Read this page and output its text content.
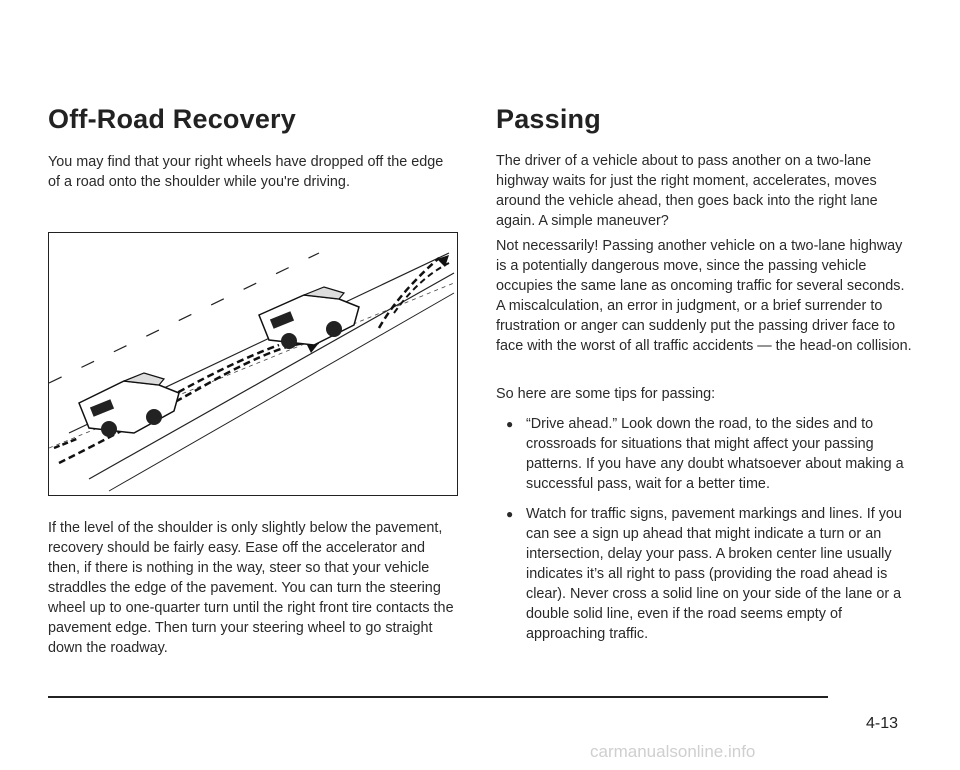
Off-Road Recovery

You may find that your right wheels have dropped off the edge of a road onto the shoulder while you're driving.

If the level of the shoulder is only slightly below the pavement, recovery should be fairly easy. Ease off the accelerator and then, if there is nothing in the way, steer so that your vehicle straddles the edge of the pavement. You can turn the steering wheel up to one-quarter turn until the right front tire contacts the pavement edge. Then turn your steering wheel to go straight down the roadway.

Passing

The driver of a vehicle about to pass another on a two-lane highway waits for just the right moment, accelerates, moves around the vehicle ahead, then goes back into the right lane again. A simple maneuver?

Not necessarily! Passing another vehicle on a two-lane highway is a potentially dangerous move, since the passing vehicle occupies the same lane as oncoming traffic for several seconds. A miscalculation, an error in judgment, or a brief surrender to frustration or anger can suddenly put the passing driver face to face with the worst of all traffic accidents — the head-on collision.

So here are some tips for passing:

● “Drive ahead.” Look down the road, to the sides and to crossroads for situations that might affect your passing patterns. If you have any doubt whatsoever about making a successful pass, wait for a better time.
● Watch for traffic signs, pavement markings and lines. If you can see a sign up ahead that might indicate a turn or an intersection, delay your pass. A broken center line usually indicates it’s all right to pass (providing the road ahead is clear). Never cross a solid line on your side of the lane or a double solid line, even if the road seems empty of approaching traffic.
4-13
carmanualsonline.info
